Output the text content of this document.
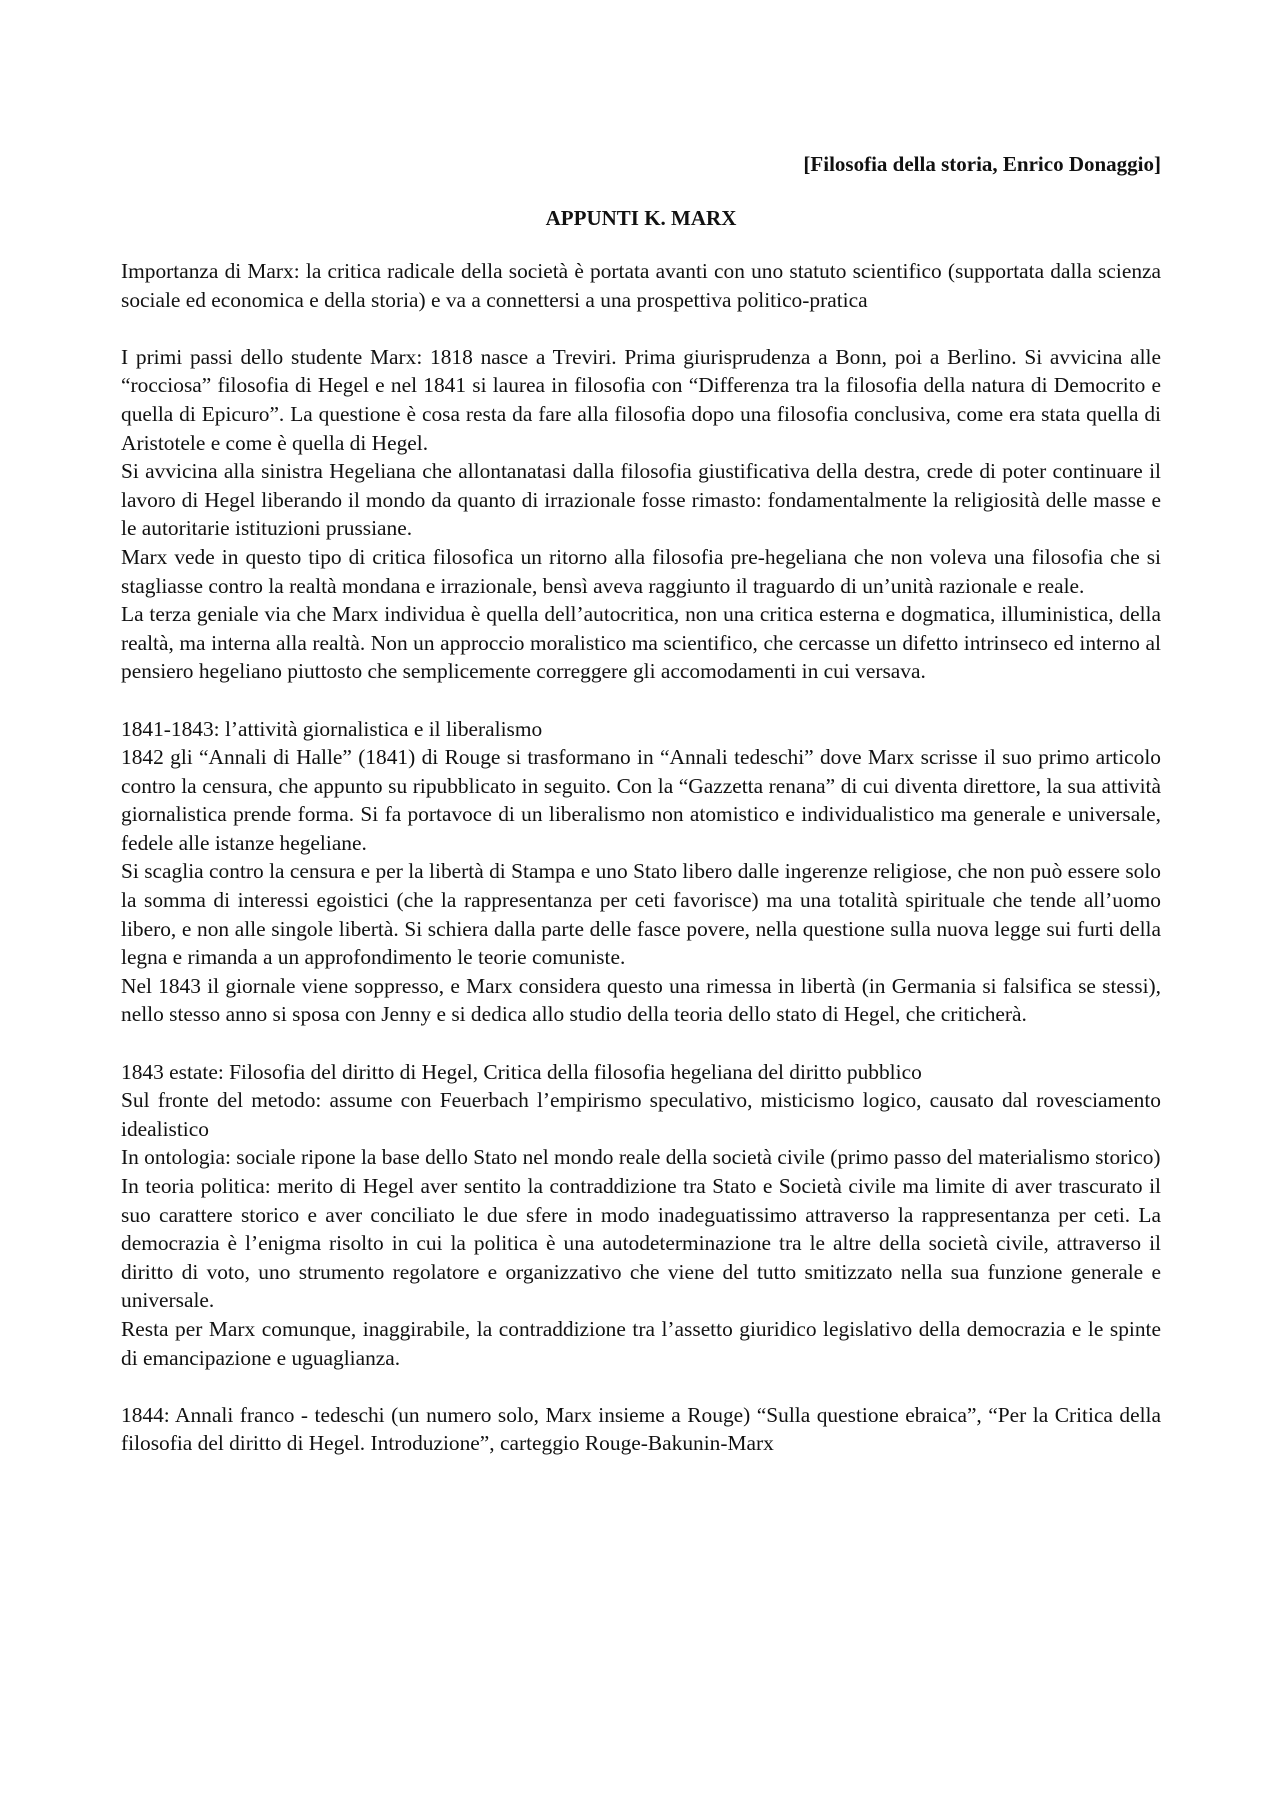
[Filosofia della storia, Enrico Donaggio]

APPUNTI K. MARX

Importanza di Marx: la critica radicale della società è portata avanti con uno statuto scientifico (supportata dalla scienza sociale ed economica e della storia) e va a connettersi a una prospettiva politico-pratica

I primi passi dello studente Marx: 1818 nasce a Treviri. Prima giurisprudenza a Bonn, poi a Berlino. Si avvicina alle “rocciosa” filosofia di Hegel e nel 1841 si laurea in filosofia con “Differenza tra la filosofia della natura di Democrito e quella di Epicuro”. La questione è cosa resta da fare alla filosofia dopo una filosofia conclusiva, come era stata quella di Aristotele e come è quella di Hegel.

Si avvicina alla sinistra Hegeliana che allontanatasi dalla filosofia giustificativa della destra, crede di poter continuare il lavoro di Hegel liberando il mondo da quanto di irrazionale fosse rimasto: fondamentalmente la religiosità delle masse e le autoritarie istituzioni prussiane.

Marx vede in questo tipo di critica filosofica un ritorno alla filosofia pre-hegeliana che non voleva una filosofia che si stagliasse contro la realtà mondana e irrazionale, bensì aveva raggiunto il traguardo di un’unità razionale e reale.

La terza geniale via che Marx individua è quella dell’autocritica, non una critica esterna e dogmatica, illuministica, della realtà, ma interna alla realtà. Non un approccio moralistico ma scientifico, che cercasse un difetto intrinseco ed interno al pensiero hegeliano piuttosto che semplicemente correggere gli accomodamenti in cui versava.

1841-1843: l’attività giornalistica e il liberalismo

1842 gli “Annali di Halle” (1841) di Rouge si trasformano in “Annali tedeschi” dove Marx scrisse il suo primo articolo contro la censura, che appunto su ripubblicato in seguito. Con la “Gazzetta renana” di cui diventa direttore, la sua attività giornalistica prende forma. Si fa portavoce di un liberalismo non atomistico e individualistico ma generale e universale, fedele alle istanze hegeliane.

Si scaglia contro la censura e per la libertà di Stampa e uno Stato libero dalle ingerenze religiose, che non può essere solo la somma di interessi egoistici (che la rappresentanza per ceti favorisce) ma una totalità spirituale che tende all’uomo libero, e non alle singole libertà. Si schiera dalla parte delle fasce povere, nella questione sulla nuova legge sui furti della legna e rimanda a un approfondimento le teorie comuniste.

Nel 1843 il giornale viene soppresso, e Marx considera questo una rimessa in libertà (in Germania si falsifica se stessi), nello stesso anno si sposa con Jenny e si dedica allo studio della teoria dello stato di Hegel, che criticherà.

1843 estate: Filosofia del diritto di Hegel, Critica della filosofia hegeliana del diritto pubblico

Sul fronte del metodo: assume con Feuerbach l’empirismo speculativo, misticismo logico, causato dal rovesciamento idealistico

In ontologia: sociale ripone la base dello Stato nel mondo reale della società civile (primo passo del materialismo storico)

In teoria politica: merito di Hegel aver sentito la contraddizione tra Stato e Società civile ma limite di aver trascurato il suo carattere storico e aver conciliato le due sfere in modo inadeguatissimo attraverso la rappresentanza per ceti. La democrazia è l’enigma risolto in cui la politica è una autodeterminazione tra le altre della società civile, attraverso il diritto di voto, uno strumento regolatore e organizzativo che viene del tutto smitizzato nella sua funzione generale e universale.

Resta per Marx comunque, inaggirabile, la contraddizione tra l’assetto giuridico legislativo della democrazia e le spinte di emancipazione e uguaglianza.

1844: Annali franco - tedeschi (un numero solo, Marx insieme a Rouge) “Sulla questione ebraica”, “Per la Critica della filosofia del diritto di Hegel. Introduzione”, carteggio Rouge-Bakunin-Marx
